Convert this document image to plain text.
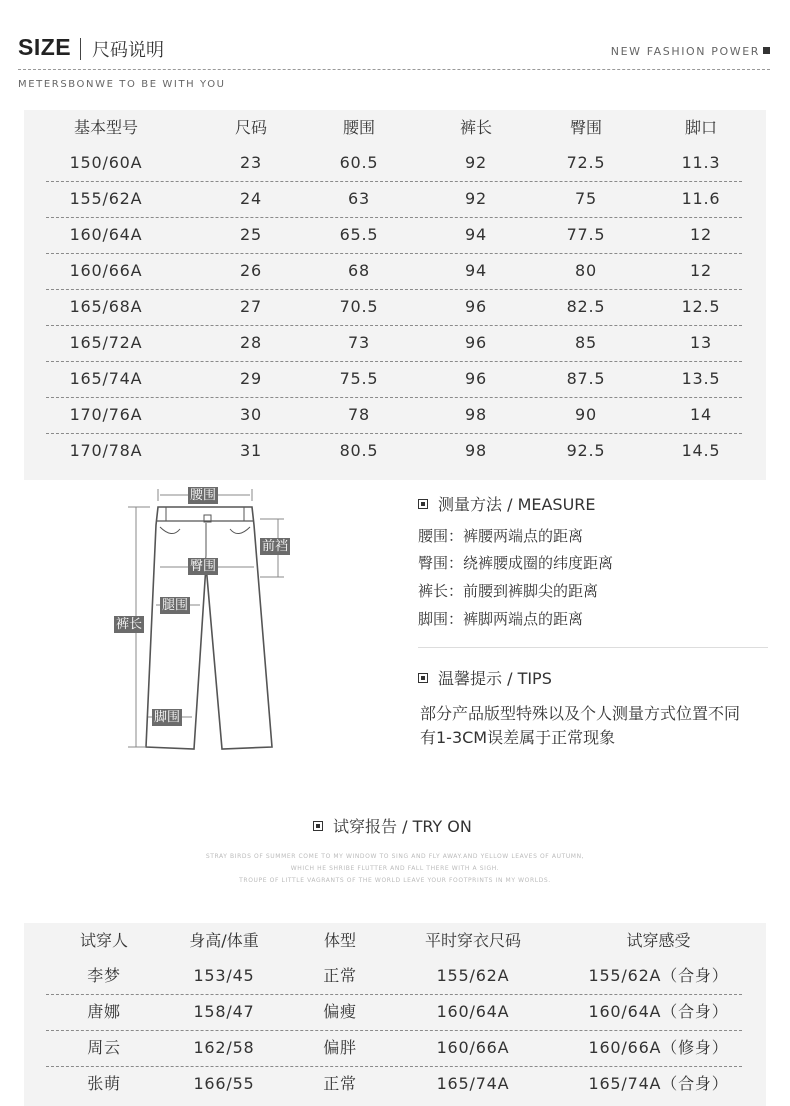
SIZE 尺码说明	NEW FASHION POWER
METERSBONWE TO BE WITH YOU
基本型号	尺码	腰围	裤长	臀围	脚口
150/60A	23	60.5	92	72.5	11.3
155/62A	24	63	92	75	11.6
160/64A	25	65.5	94	77.5	12
160/66A	26	68	94	80	12
165/68A	27	70.5	96	82.5	12.5
165/72A	28	73	96	85	13
165/74A	29	75.5	96	87.5	13.5
170/76A	30	78	98	90	14
170/78A	31	80.5	98	92.5	14.5
腰围
前裆
臀围
腿围
裤长
脚围
测量方法 / MEASURE
腰围：裤腰两端点的距离
臀围：绕裤腰成圈的纬度距离
裤长：前腰到裤脚尖的距离
脚围：裤脚两端点的距离
温馨提示 / TIPS
部分产品版型特殊以及个人测量方式位置不同
有1-3CM误差属于正常现象
试穿报告 / TRY ON
STRAY BIRDS OF SUMMER COME TO MY WINDOW TO SING AND FLY AWAY.AND YELLOW LEAVES OF AUTUMN,
WHICH HE SHRIBE FLUTTER AND FALL THERE WITH A SIGH.
TROUPE OF LITTLE VAGRANTS OF THE WORLD LEAVE YOUR FOOTPRINTS IN MY WORLDS.
试穿人	身高/体重	体型	平时穿衣尺码	试穿感受
李梦	153/45	正常	155/62A	155/62A（合身）
唐娜	158/47	偏瘦	160/64A	160/64A（合身）
周云	162/58	偏胖	160/66A	160/66A（修身）
张萌	166/55	正常	165/74A	165/74A（合身）
